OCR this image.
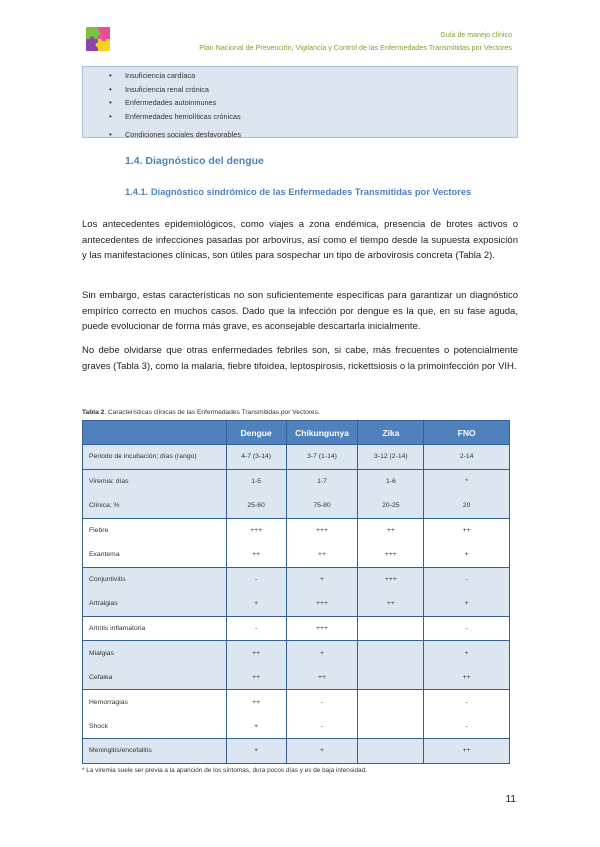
Guía de manejo clínico
Plan Nacional de Prevención, Vigilancia y Control de las Enfermedades Transmitidas por Vectores
• Insuficiencia cardíaca
• Insuficiencia renal crónica
• Enfermedades autoinmunes
• Enfermedades hemolíticas crónicas
• Condiciones sociales desfavorables
1.4. Diagnóstico del dengue
1.4.1. Diagnóstico sindrómico de las Enfermedades Transmitidas por Vectores

Los antecedentes epidemiológicos, como viajes a zona endémica, presencia de brotes activos o antecedentes de infecciones pasadas por arbovirus, así como el tiempo desde la supuesta exposición y las manifestaciones clínicas, son útiles para sospechar un tipo de arbovirosis concreta (Tabla 2).

Sin embargo, estas características no son suficientemente específicas para garantizar un diagnóstico empírico correcto en muchos casos. Dado que la infección por dengue es la que, en su fase aguda, puede evolucionar de forma más grave, es aconsejable descartarla inicialmente.

No debe olvidarse que otras enfermedades febriles son, si cabe, más frecuentes o potencialmente graves (Tabla 3), como la malaria, fiebre tifoidea, leptospirosis, rickettsiosis o la primoinfección por VIH.

Tabla 2. Características clínicas de las Enfermedades Transmitidas por Vectores.
	Dengue	Chikungunya	Zika	FNO
Periodo de incubación; días (rango)	4-7 (3-14)	3-7 (1-14)	3-12 (2-14)	2-14
Viremia; días	1-5	1-7	1-6	*
Clínica; %	25-60	75-80	20-25	20
Fiebre	+++	+++	++	++
Exantema	++	++	+++	+
Conjuntivitis	-	+	+++	-
Artralgias	+	+++	++	+
Artritis inflamatoria	-	+++		-
Mialgias	++	+		+
Cefalea	++	++		++
Hemorragias	++	-		-
Shock	+	-		-
Meningitis/encefalitis	+	+		++
* La viremia suele ser previa a la aparición de los síntomas, dura pocos días y es de baja intensidad.
11
